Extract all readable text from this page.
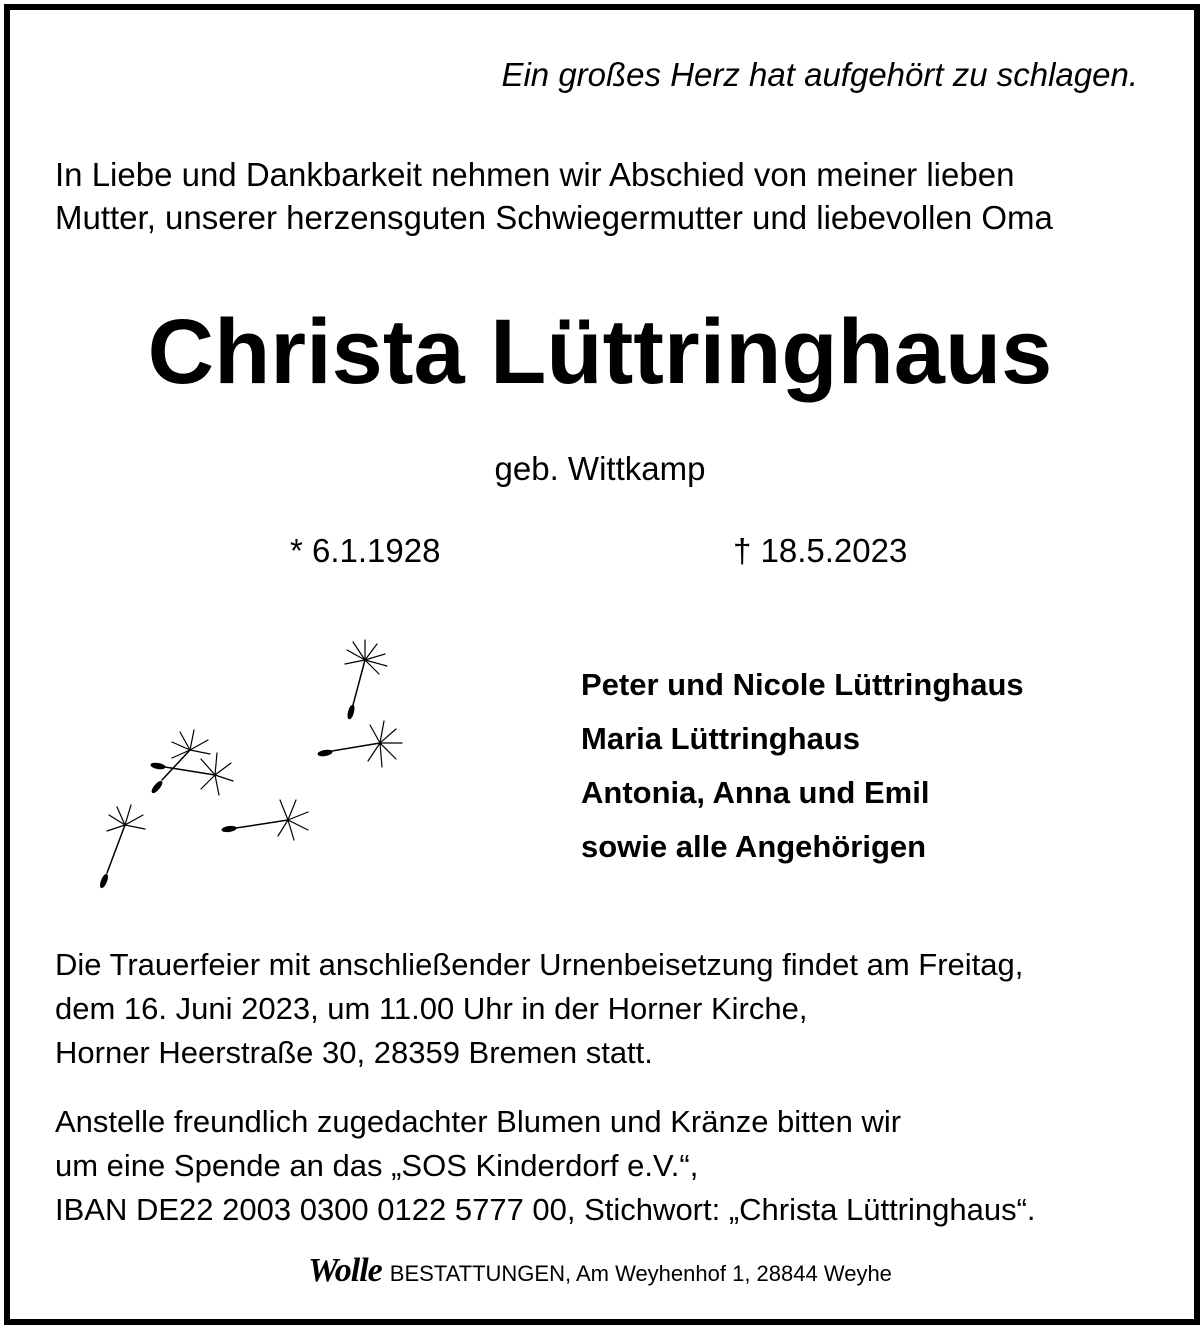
Ein großes Herz hat aufgehört zu schlagen.
In Liebe und Dankbarkeit nehmen wir Abschied von meiner lieben
Mutter, unserer herzensguten Schwiegermutter und liebevollen Oma
Christa Lüttringhaus
geb. Wittkamp
* 6.1.1928	† 18.5.2023
Peter und Nicole Lüttringhaus
Maria Lüttringhaus
Antonia, Anna und Emil
sowie alle Angehörigen
Die Trauerfeier mit anschließender Urnenbeisetzung findet am Freitag,
dem 16. Juni 2023, um 11.00 Uhr in der Horner Kirche,
Horner Heerstraße 30, 28359 Bremen statt.
Anstelle freundlich zugedachter Blumen und Kränze bitten wir
um eine Spende an das „SOS Kinderdorf e.V.“,
IBAN DE22 2003 0300 0122 5777 00, Stichwort: „Christa Lüttringhaus“.
Wolle BESTATTUNGEN, Am Weyhenhof 1, 28844 Weyhe
